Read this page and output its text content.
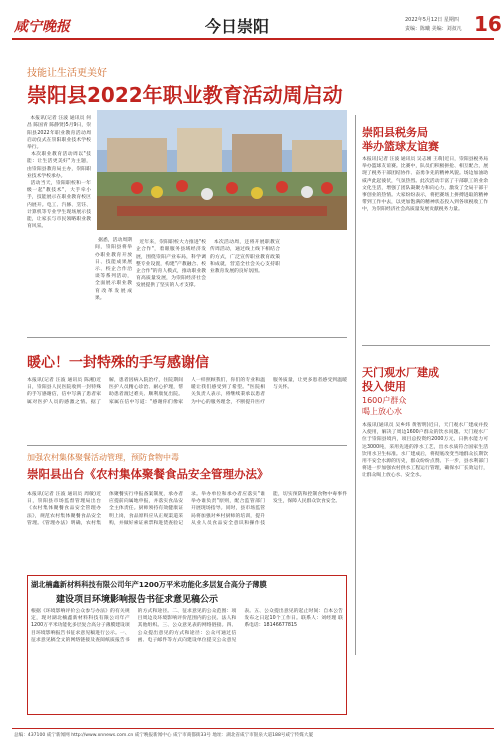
咸宁晚报	今日崇阳	2022年5月12日 星期四
责编：陈曦 美编：刘叔凡 16
技能让生活更美好
崇阳县2022年职业教育活动周启动

本报讯(记者 汪波 通讯员 何昌 陈国青 陈静贤)5月9日，崇阳县2022年职业教育活动周启动仪式在崇阳职业技术学校举行。
本次职业教育活动周以"技能：让生活更美好"为主题，由崇阳县教育局主办，崇阳职业技术学校承办。
活动当天，崇阳职校和一年级一起"教技术"，大手牵小手，技能展示在职业教育校区内展开。电工、汽修、烹饪、计算机等专业学生现场展示技能，让家长与市民领略职业教育风采。

据悉，活动周期间，崇阳县将举办职业教育开放日、技能成果展示、校企合作洽谈等系列活动，全面展示职业教育改革发展成果。

近年来，崇阳职校大力推进"校企合作"，着眼服务县域经济发展，围绕崇阳产业布局，科学调整专业设置，构建"产教融合、校企合作"的育人模式，推动职业教育高质量发展，为崇阳经济社会发展提供了坚实的人才支撑。

本次活动周，还将开展职教宣传周活动，通过线上线下相结合的方式，广泛宣传职业教育政策和成就，营造全社会关心支持职业教育发展的良好氛围。

崇阳县税务局
举办篮球友谊赛
本报讯(记者 汪波 通讯员 吴志刚 王萌)近日，崇阳县税务局举办篮球友谊赛。比赛中，队员们积极拼抢、相互配合，展现了税务干部团结协作、奋勇争先的精神风貌。场边加油助威声此起彼伏，气氛热烈。此次活动丰富了干部职工的业余文化生活，增强了团队凝聚力和向心力，激发了全局干部干事创业的热情。大家纷纷表示，将把赛场上拼搏进取的精神带到工作中去，以更加饱满的精神状态投入到各项税收工作中，为崇阳经济社会高质量发展贡献税务力量。
暖心！一封特殊的手写感谢信
本报讯(记者 汪波 通讯员 陈湘)近日，崇阳县人民医院收到一封特殊的手写感谢信，信中写满了患者家属对医护人员的感激之情。据了解，患者因病入院治疗，住院期间医护人员精心诊治、耐心护理，帮助患者渡过难关、顺利康复出院。家属在信中写道："感谢你们像家人一样照顾我们，你们的专业和温暖让我们感受到了希望。"医院相关负责人表示，将继续秉承以患者为中心的服务理念，不断提升医疗服务质量，让更多患者感受到温暖与关怀。
加强农村集体聚餐活动管理，预防食物中毒
崇阳县出台《农村集体聚餐食品安全管理办法》
本报讯(记者 汪波 通讯员 周敏)近日，崇阳县市场监督管理局出台《农村集体聚餐食品安全管理办法》，规范农村集体聚餐食品安全管理。《管理办法》明确，农村集体聚餐实行申报备案制度，承办者应提前向属地申报，并落实食品安全主体责任。厨师须持有效健康证明上岗，食品原料应从正规渠道采购，并做好索证索票和进货查验记录。举办单位和承办者应落实"谁举办谁负责"原则，配合监管部门开展现场指导。同时，县市场监管局将加强对乡村厨师的培训，提升从业人员食品安全意识和操作技能，切实预防和控制食物中毒事件发生，保障人民群众饮食安全。
天门观水厂建成
投入使用
1600户群众
喝上放心水
本报讯(通讯员 吴乡炜 黄智明)近日，天门观水厂建成并投入使用，解决了周边1600户群众的饮水问题。天门观水厂位于崇阳县境内，项目总投资约2000万元，日供水能力可达3000吨，采用先进的净水工艺，出水水质符合国家生活饮用水卫生标准。水厂建成后，将彻底改变当地群众长期饮用不安全水源的历史，群众纷纷点赞。下一步，县水利部门将进一步加强农村供水工程运行管理，确保水厂长效运行，让群众喝上放心水、安全水。
湖北楠鑫新材料科技有限公司年产1200万平米功能化多层复合高分子薄膜
建设项目环境影响报告书征求意见稿公示
根据《环境影响评价公众参与办法》的有关规定，现对湖北楠鑫新材料科技有限公司年产1200万平米功能化多层复合高分子薄膜建设项目环境影响报告书征求意见稿进行公示。一、征求意见稿全文的网络链接及查阅纸质报告书的方式和途径。二、征求意见的公众范围：项目周边及环境影响评价范围内的公民、法人和其他组织。三、公众意见表的网络链接。四、公众提出意见的方式和途径：公众可通过信函、电子邮件等方式向建设单位提交公众意见表。五、公众提出意见的起止时间：自本公告发布之日起10个工作日。联系人：刘经理 联系电话：18146677815
总编：437100 咸宁新闻网 http://www.xnnews.com.cn 咸宁晚报新闻中心 咸宁市商都街33号 地址：湖北省咸宁市银泉大道188号咸宁传媒大厦
